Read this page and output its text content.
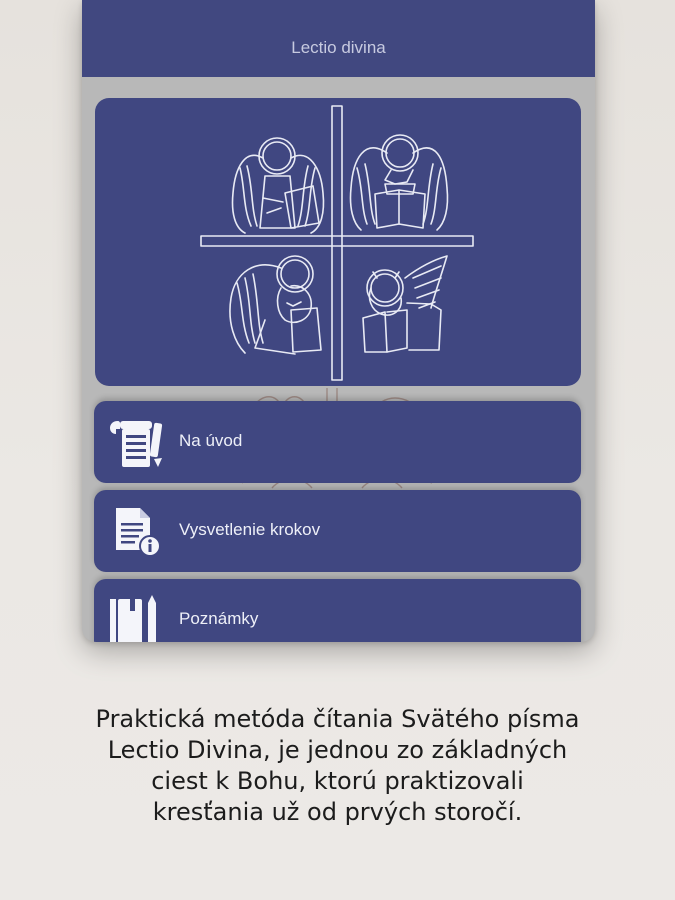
Lectio divina
Na úvod
Vysvetlenie krokov
Poznámky
Praktická metóda čítania Svätého písma
Lectio Divina, je jednou zo základných
ciest k Bohu, ktorú praktizovali
kresťania už od prvých storočí.
